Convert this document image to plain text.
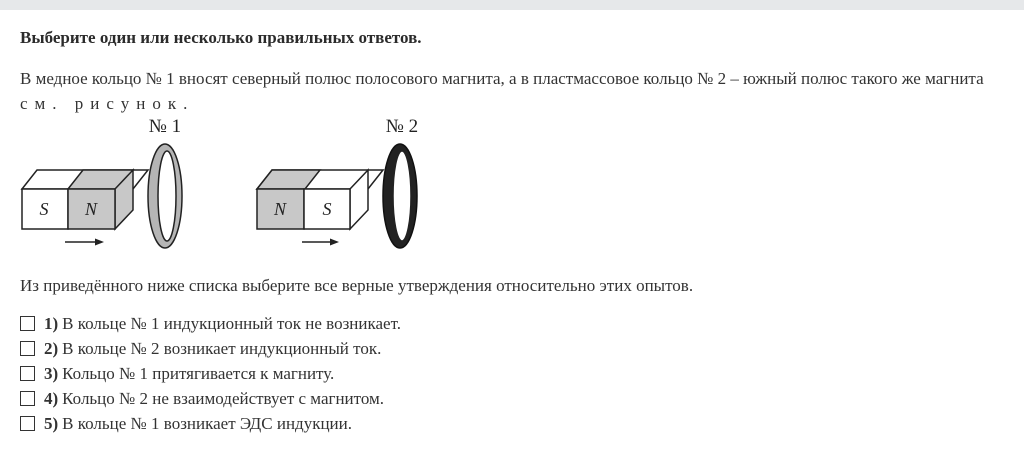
Выберите один или несколько правильных ответов.
В медное кольцо № 1 вносят северный полюс полосового магнита, а в пластмассовое кольцо № 2 – южный полюс такого же магнита см. рисунок.
S N
№ 1
N S
№ 2
Из приведённого ниже списка выберите все верные утверждения относительно этих опытов.
1) В кольце № 1 индукционный ток не возникает.
2) В кольце № 2 возникает индукционный ток.
3) Кольцо № 1 притягивается к магниту.
4) Кольцо № 2 не взаимодействует с магнитом.
5) В кольце № 1 возникает ЭДС индукции.
